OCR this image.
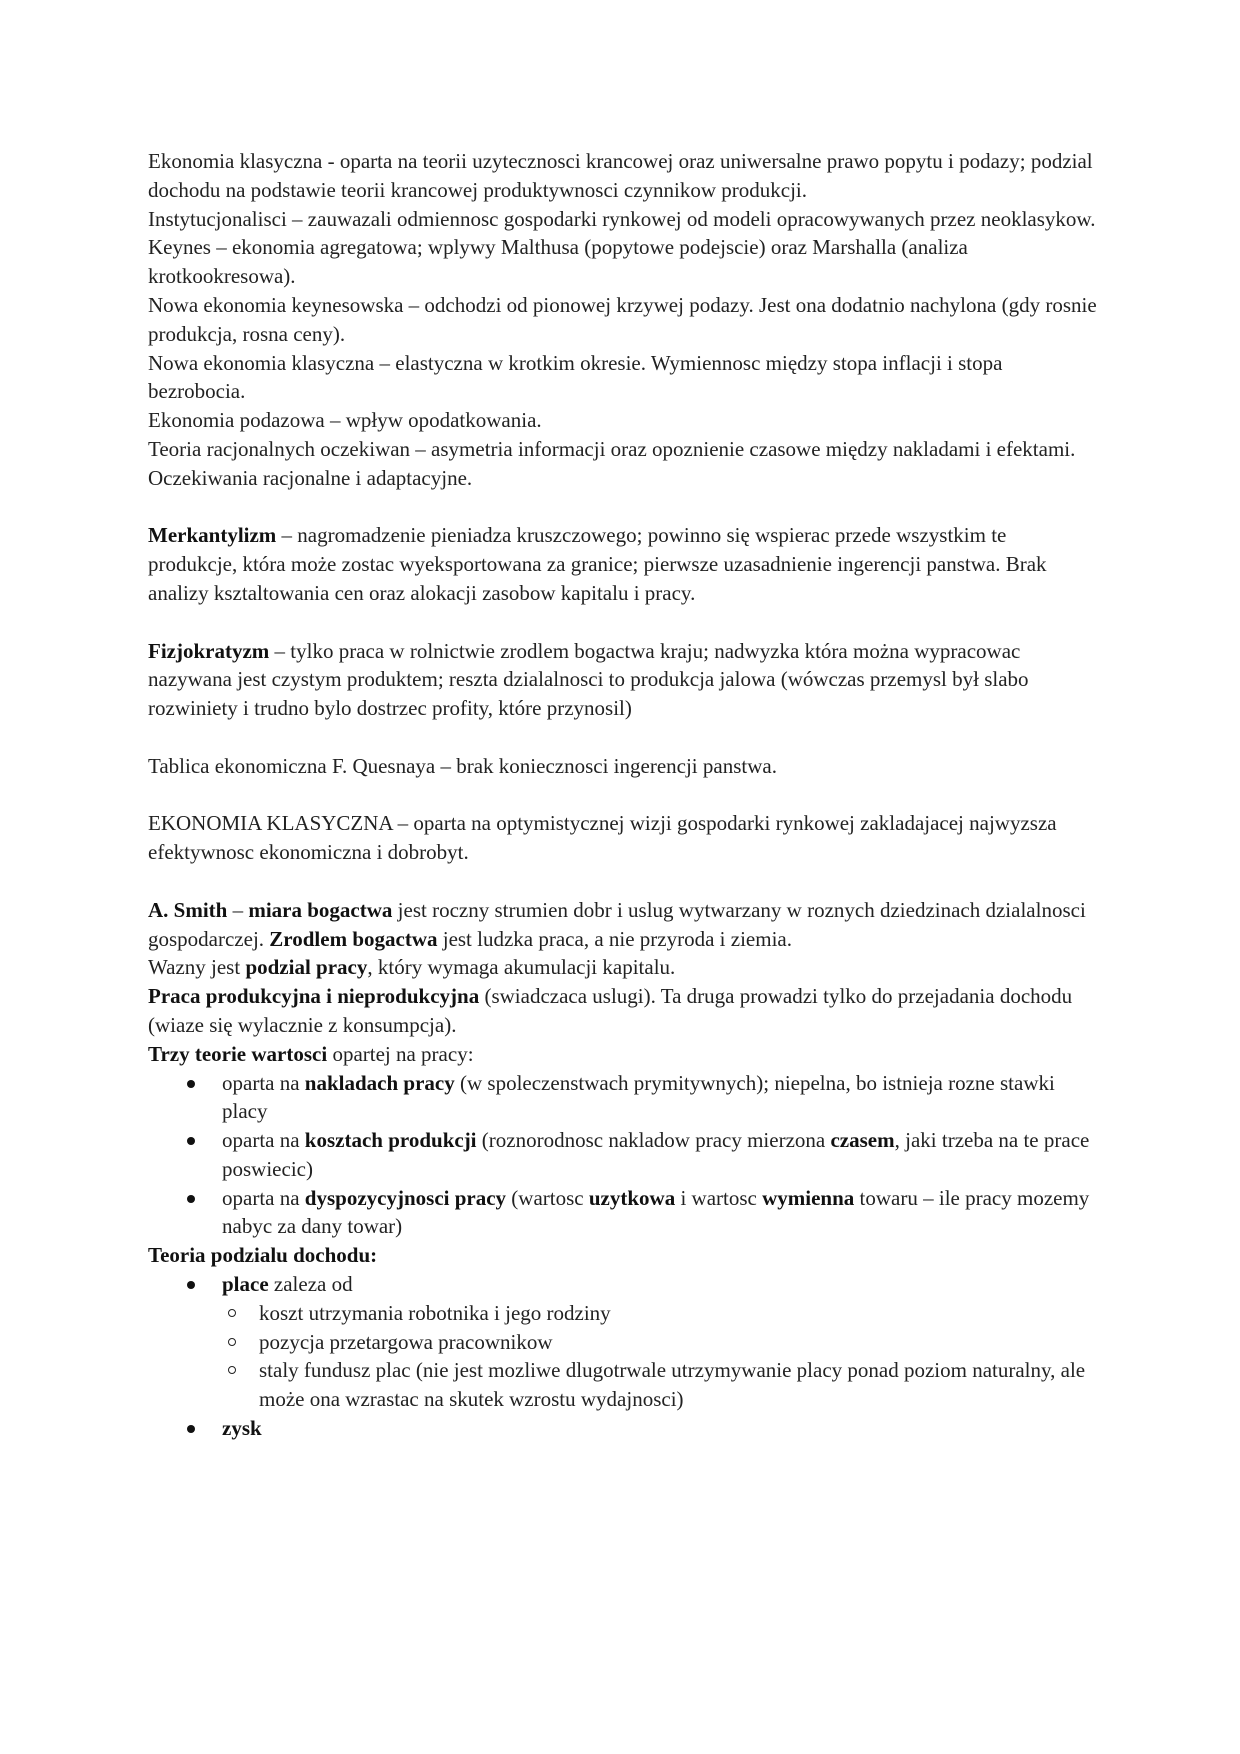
Ekonomia klasyczna - oparta na teorii uzytecznosci krancowej oraz uniwersalne prawo popytu i podazy; podzial dochodu na podstawie teorii krancowej produktywnosci czynnikow produkcji.

Instytucjonalisci – zauwazali odmiennosc gospodarki rynkowej od modeli opracowywanych przez neoklasykow.

Keynes – ekonomia agregatowa; wplywy Malthusa (popytowe podejscie) oraz Marshalla (analiza krotkookresowa).

Nowa ekonomia keynesowska – odchodzi od pionowej krzywej podazy. Jest ona dodatnio nachylona (gdy rosnie produkcja, rosna ceny).

Nowa ekonomia klasyczna – elastyczna w krotkim okresie. Wymiennosc między stopa inflacji i stopa bezrobocia.

Ekonomia podazowa – wpływ opodatkowania.

Teoria racjonalnych oczekiwan – asymetria informacji oraz opoznienie czasowe między nakladami i efektami. Oczekiwania racjonalne i adaptacyjne.

Merkantylizm – nagromadzenie pieniadza kruszczowego; powinno się wspierac przede wszystkim te produkcje, która może zostac wyeksportowana za granice; pierwsze uzasadnienie ingerencji panstwa. Brak analizy ksztaltowania cen oraz alokacji zasobow kapitalu i pracy.

Fizjokratyzm – tylko praca w rolnictwie zrodlem bogactwa kraju; nadwyzka która można wypracowac nazywana jest czystym produktem; reszta dzialalnosci to produkcja jalowa (wówczas przemysl był slabo rozwiniety i trudno bylo dostrzec profity, które przynosil)

Tablica ekonomiczna F. Quesnaya – brak koniecznosci ingerencji panstwa.

EKONOMIA KLASYCZNA – oparta na optymistycznej wizji gospodarki rynkowej zakladajacej najwyzsza efektywnosc ekonomiczna i dobrobyt.

A. Smith – miara bogactwa jest roczny strumien dobr i uslug wytwarzany w roznych dziedzinach dzialalnosci gospodarczej. Zrodlem bogactwa jest ludzka praca, a nie przyroda i ziemia.

Wazny jest podzial pracy, który wymaga akumulacji kapitalu.

Praca produkcyjna i nieprodukcyjna (swiadczaca uslugi). Ta druga prowadzi tylko do przejadania dochodu (wiaze się wylacznie z konsumpcja).

Trzy teorie wartosci opartej na pracy:

oparta na nakladach pracy (w spoleczenstwach prymitywnych); niepelna, bo istnieja rozne stawki placy
oparta na kosztach produkcji (roznorodnosc nakladow pracy mierzona czasem, jaki trzeba na te prace poswiecic)
oparta na dyspozycyjnosci pracy (wartosc uzytkowa i wartosc wymienna towaru – ile pracy mozemy nabyc za dany towar)

Teoria podzialu dochodu:

place zaleza od
koszt utrzymania robotnika i jego rodziny
pozycja przetargowa pracownikow
staly fundusz plac (nie jest mozliwe dlugotrwale utrzymywanie placy ponad poziom naturalny, ale może ona wzrastac na skutek wzrostu wydajnosci)
zysk
